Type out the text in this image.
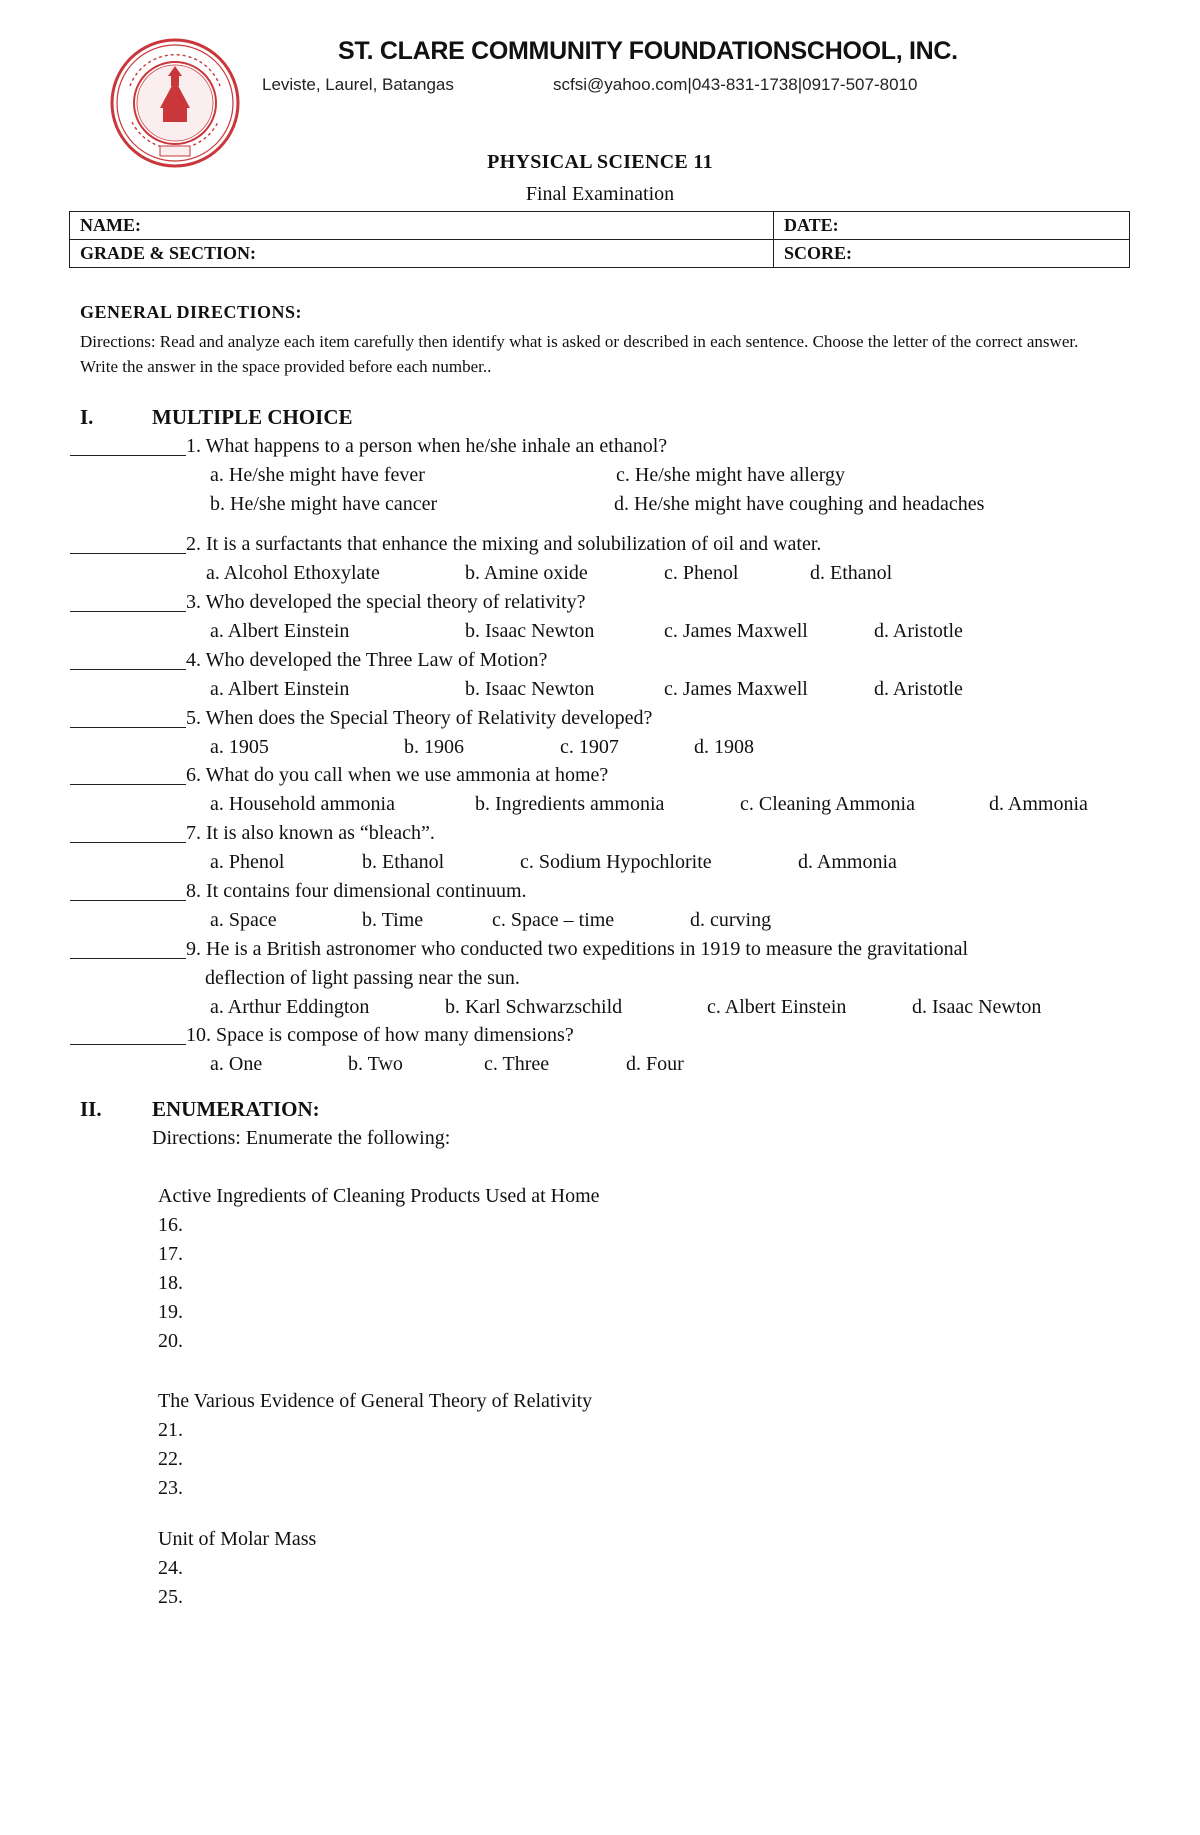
ST. CLARE COMMUNITY FOUNDATIONSCHOOL, INC.
Leviste, Laurel, Batangas	scfsi@yahoo.com|043-831-1738|0917-507-8010
PHYSICAL SCIENCE 11
Final Examination
NAME:	DATE:
GRADE & SECTION:	SCORE:
GENERAL DIRECTIONS:
Directions: Read and analyze each item carefully then identify what is asked or described in each sentence. Choose the letter of the correct answer. Write the answer in the space provided before each number..
I.	MULTIPLE CHOICE
1. What happens to a person when he/she inhale an ethanol?
a. He/she might have fever	c. He/she might have allergy
b. He/she might have cancer	d. He/she might have coughing and headaches
2. It is a surfactants that enhance the mixing and solubilization of oil and water.
a. Alcohol Ethoxylate	b. Amine oxide	c. Phenol	d. Ethanol
3. Who developed the special theory of relativity?
a. Albert Einstein	b. Isaac Newton	c. James Maxwell	d. Aristotle
4. Who developed the Three Law of Motion?
a. Albert Einstein	b. Isaac Newton	c. James Maxwell	d. Aristotle
5. When does the Special Theory of Relativity developed?
a. 1905	b. 1906	c. 1907	d. 1908
6. What do you call when we use ammonia at home?
a. Household ammonia	b. Ingredients ammonia	c. Cleaning Ammonia	d. Ammonia
7. It is also known as “bleach”.
a. Phenol	b. Ethanol	c. Sodium Hypochlorite	d. Ammonia
8. It contains four dimensional continuum.
a. Space	b. Time	c. Space – time	d. curving
9. He is a British astronomer who conducted two expeditions in 1919 to measure the gravitational
deflection of light passing near the sun.
a. Arthur Eddington	b. Karl Schwarzschild	c. Albert Einstein	d. Isaac Newton
10. Space is compose of how many dimensions?
a. One	b. Two	c. Three	d. Four
II. ENUMERATION:
Directions: Enumerate the following:
Active Ingredients of Cleaning Products Used at Home
16.
17.
18.
19.
20.
The Various Evidence of General Theory of Relativity
21.
22.
23.
Unit of Molar Mass
24.
25.
